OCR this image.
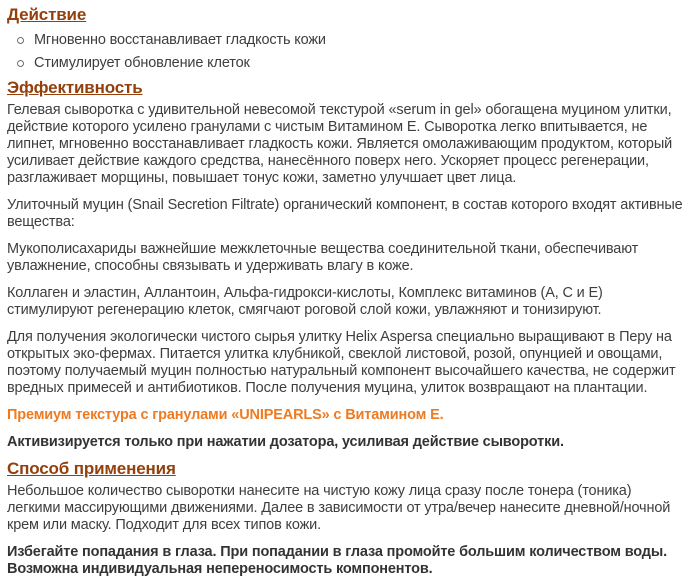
Действие
Мгновенно восстанавливает гладкость кожи
Стимулирует обновление клеток
Эффективность

Гелевая сыворотка с удивительной невесомой текстурой «serum in gel» обогащена муцином улитки, действие которого усилено гранулами с чистым Витамином Е. Сыворотка легко впитывается, не липнет, мгновенно восстанавливает гладкость кожи. Является омолаживающим продуктом, который усиливает действие каждого средства, нанесённого поверх него. Ускоряет процесс регенерации, разглаживает морщины, повышает тонус кожи, заметно улучшает цвет лица.

Улиточный муцин (Snail Secretion Filtrate) органический компонент, в состав которого входят активные вещества:

Мукополисахариды важнейшие межклеточные вещества соединительной ткани, обеспечивают увлажнение, способны связывать и удерживать влагу в коже.

Коллаген и эластин, Аллантоин, Альфа-гидрокси-кислоты, Комплекс витаминов (А, С и Е) стимулируют регенерацию клеток, смягчают роговой слой кожи, увлажняют и тонизируют.

Для получения экологически чистого сырья улитку Helix Aspersa специально выращивают в Перу на открытых эко-фермах. Питается улитка клубникой, свеклой листовой, розой, опунцией и овощами, поэтому получаемый муцин полностью натуральный компонент высочайшего качества, не содержит вредных примесей и антибиотиков. После получения муцина, улиток возвращают на плантации.

Премиум текстура с гранулами «UNIPEARLS» с Витамином Е.

Активизируется только при нажатии дозатора, усиливая действие сыворотки.

Способ применения

Небольшое количество сыворотки нанесите на чистую кожу лица сразу после тонера (тоника) легкими массирующими движениями. Далее в зависимости от утра/вечер нанесите дневной/ночной крем или маску. Подходит для всех типов кожи.

Избегайте попадания в глаза. При попадании в глаза промойте большим количеством воды. Возможна индивидуальная непереносимость компонентов.
